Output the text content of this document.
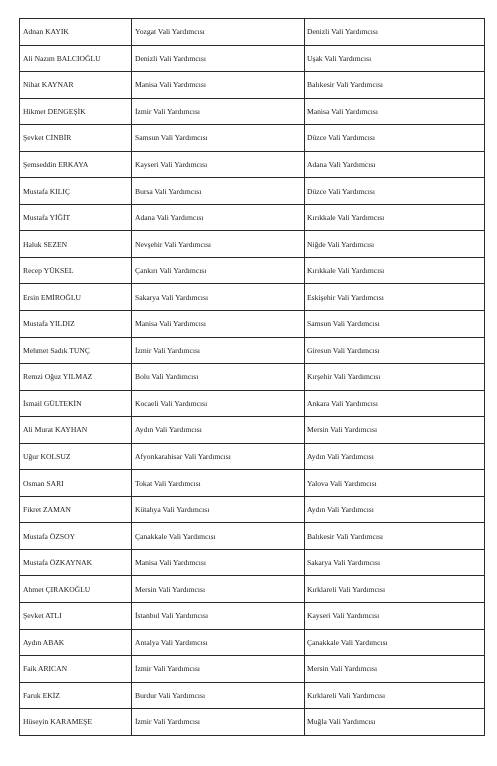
Adnan KAYIK	Yozgat Vali Yardımcısı	Denizli Vali Yardımcısı
Ali Nazım BALCIOĞLU	Denizli Vali Yardımcısı	Uşak Vali Yardımcısı
Nihat KAYNAR	Manisa Vali Yardımcısı	Balıkesir Vali Yardımcısı
Hikmet DENGEŞİK	İzmir Vali Yardımcısı	Manisa Vali Yardımcısı
Şevket CİNBİR	Samsun Vali Yardımcısı	Düzce Vali Yardımcısı
Şemseddin ERKAYA	Kayseri Vali Yardımcısı	Adana Vali Yardımcısı
Mustafa KILIÇ	Bursa Vali Yardımcısı	Düzce Vali Yardımcısı
Mustafa YİĞİT	Adana Vali Yardımcısı	Kırıkkale Vali Yardımcısı
Haluk SEZEN	Nevşehir Vali Yardımcısı	Niğde Vali Yardımcısı
Recep YÜKSEL	Çankırı Vali Yardımcısı	Kırıkkale Vali Yardımcısı
Ersin EMİROĞLU	Sakarya Vali Yardımcısı	Eskişehir Vali Yardımcısı
Mustafa YILDIZ	Manisa Vali Yardımcısı	Samsun Vali Yardımcısı
Mehmet Sadık TUNÇ	İzmir Vali Yardımcısı	Giresun Vali Yardımcısı
Remzi Oğuz YILMAZ	Bolu Vali Yardımcısı	Kırşehir Vali Yardımcısı
İsmail GÜLTEKİN	Kocaeli Vali Yardımcısı	Ankara Vali Yardımcısı
Ali Murat KAYHAN	Aydın Vali Yardımcısı	Mersin Vali Yardımcısı
Uğur KOLSUZ	Afyonkarahisar Vali Yardımcısı	Aydın Vali Yardımcısı
Osman SARI	Tokat Vali Yardımcısı	Yalova Vali Yardımcısı
Fikret ZAMAN	Kütahya Vali Yardımcısı	Aydın Vali Yardımcısı
Mustafa ÖZSOY	Çanakkale Vali Yardımcısı	Balıkesir Vali Yardımcısı
Mustafa ÖZKAYNAK	Manisa Vali Yardımcısı	Sakarya Vali Yardımcısı
Ahmet ÇIRAKOĞLU	Mersin Vali Yardımcısı	Kırklareli Vali Yardımcısı
Şevket ATLI	İstanbul Vali Yardımcısı	Kayseri Vali Yardımcısı
Aydın ABAK	Antalya Vali Yardımcısı	Çanakkale Vali Yardımcısı
Faik ARICAN	İzmir Vali Yardımcısı	Mersin Vali Yardımcısı
Faruk EKİZ	Burdur Vali Yardımcısı	Kırklareli Vali Yardımcısı
Hüseyin KARAMEŞE	İzmir Vali Yardımcısı	Muğla Vali Yardımcısı
